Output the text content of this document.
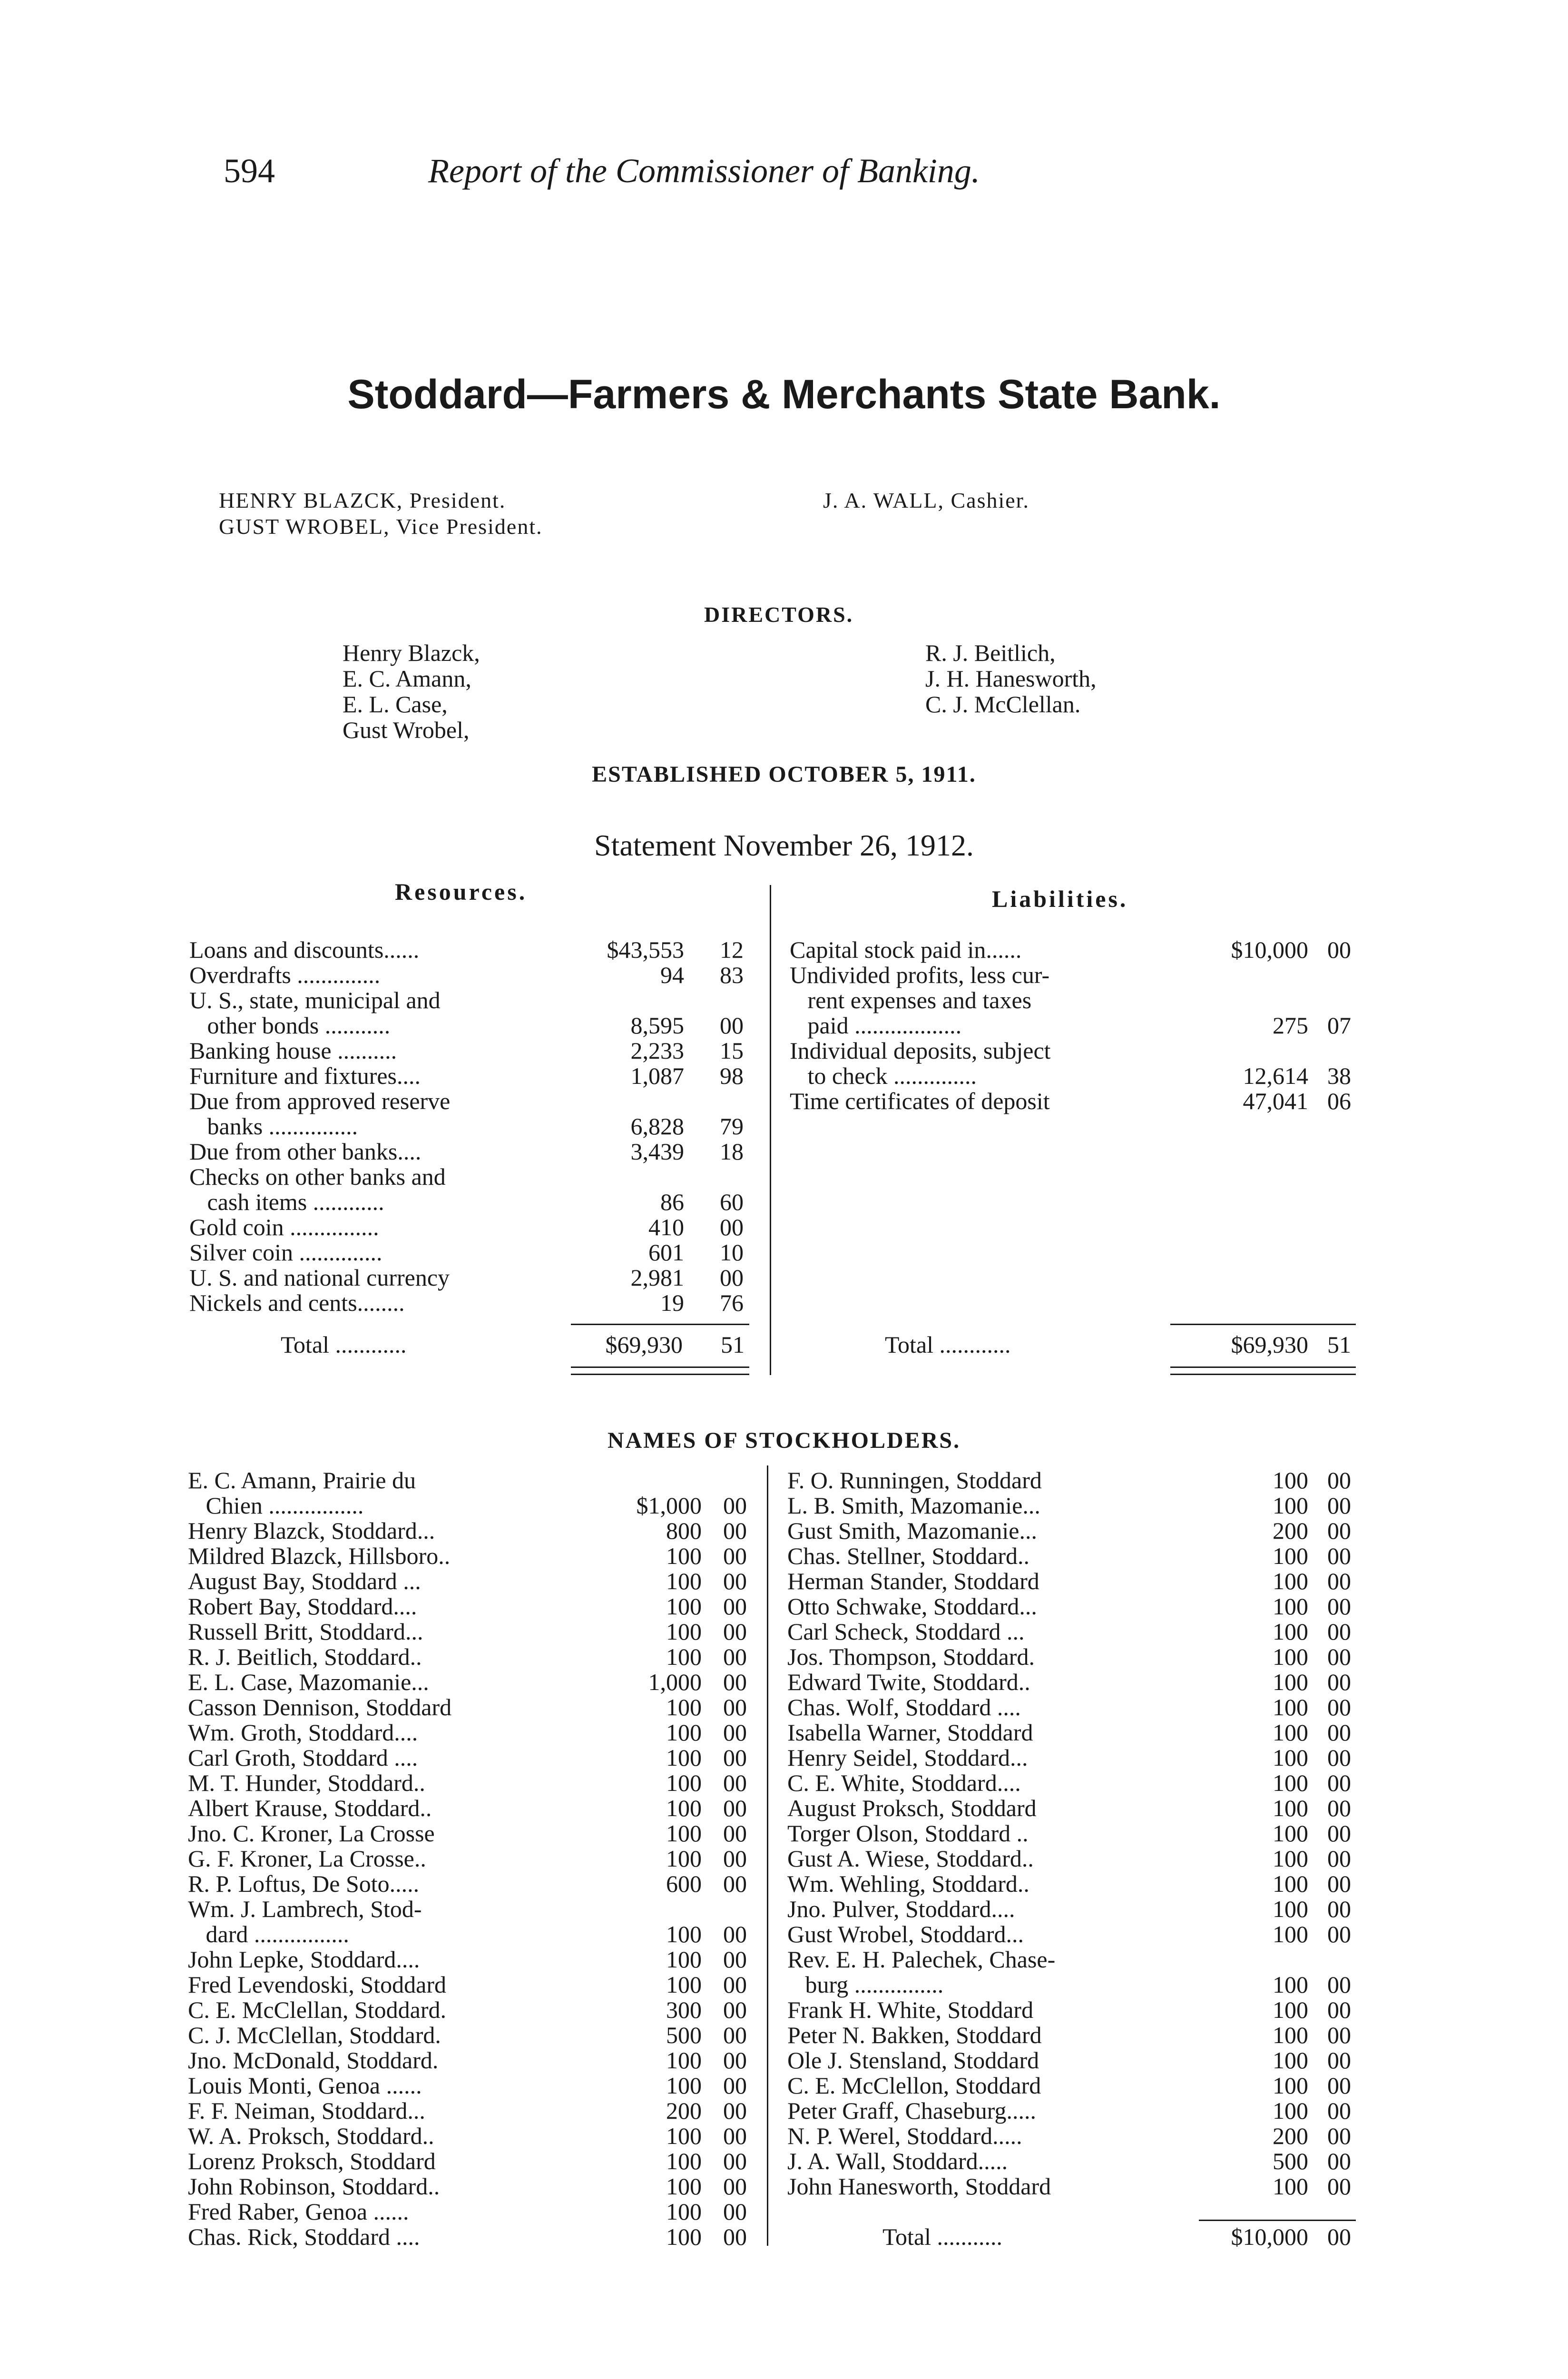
594	Report of the Commissioner of Banking.
Stoddard—Farmers & Merchants State Bank.
HENRY BLAZCK, President.
GUST WROBEL, Vice President.
J. A. WALL, Cashier.
DIRECTORS.
Henry Blazck,
E. C. Amann,
E. L. Case,
Gust Wrobel,
R. J. Beitlich,
J. H. Hanesworth,
C. J. McClellan.
ESTABLISHED OCTOBER 5, 1911.
Statement November 26, 1912.
Resources.	Liabilities.
Loans and discounts......	$43,553 12
Overdrafts ..............	94 83
U. S., state, municipal and
other bonds ...........	8,595 00
Banking house ..........	2,233 15
Furniture and fixtures....	1,087 98
Due from approved reserve
banks ...............	6,828 79
Due from other banks....	3,439 18
Checks on other banks and
cash items ............	86 60
Gold coin ...............	410 00
Silver coin ..............	601 10
U. S. and national currency	2,981 00
Nickels and cents........	19 76
Capital stock paid in......	$10,000 00
Undivided profits, less cur-
rent expenses and taxes
paid ..................	275 07
Individual deposits, subject
to check ..............	12,614 38
Time certificates of deposit	47,041 06
Total ............	$69,930 51	Total ............	$69,930 51
NAMES OF STOCKHOLDERS.
E. C. Amann, Prairie du
Chien ................	$1,000 00
Henry Blazck, Stoddard...	800 00
Mildred Blazck, Hillsboro..	100 00
August Bay, Stoddard ...	100 00
Robert Bay, Stoddard....	100 00
Russell Britt, Stoddard...	100 00
R. J. Beitlich, Stoddard..	100 00
E. L. Case, Mazomanie...	1,000 00
Casson Dennison, Stoddard	100 00
Wm. Groth, Stoddard....	100 00
Carl Groth, Stoddard ....	100 00
M. T. Hunder, Stoddard..	100 00
Albert Krause, Stoddard..	100 00
Jno. C. Kroner, La Crosse	100 00
G. F. Kroner, La Crosse..	100 00
R. P. Loftus, De Soto.....	600 00
Wm. J. Lambrech, Stod-
dard ................	100 00
John Lepke, Stoddard....	100 00
Fred Levendoski, Stoddard	100 00
C. E. McClellan, Stoddard.	300 00
C. J. McClellan, Stoddard.	500 00
Jno. McDonald, Stoddard.	100 00
Louis Monti, Genoa ......	100 00
F. F. Neiman, Stoddard...	200 00
W. A. Proksch, Stoddard..	100 00
Lorenz Proksch, Stoddard	100 00
John Robinson, Stoddard..	100 00
Fred Raber, Genoa ......	100 00
Chas. Rick, Stoddard ....	100 00
F. O. Runningen, Stoddard	100 00
L. B. Smith, Mazomanie...	100 00
Gust Smith, Mazomanie...	200 00
Chas. Stellner, Stoddard..	100 00
Herman Stander, Stoddard	100 00
Otto Schwake, Stoddard...	100 00
Carl Scheck, Stoddard ...	100 00
Jos. Thompson, Stoddard.	100 00
Edward Twite, Stoddard..	100 00
Chas. Wolf, Stoddard ....	100 00
Isabella Warner, Stoddard	100 00
Henry Seidel, Stoddard...	100 00
C. E. White, Stoddard....	100 00
August Proksch, Stoddard	100 00
Torger Olson, Stoddard ..	100 00
Gust A. Wiese, Stoddard..	100 00
Wm. Wehling, Stoddard..	100 00
Jno. Pulver, Stoddard....	100 00
Gust Wrobel, Stoddard...	100 00
Rev. E. H. Palechek, Chase-
burg ...............	100 00
Frank H. White, Stoddard	100 00
Peter N. Bakken, Stoddard	100 00
Ole J. Stensland, Stoddard	100 00
C. E. McClellon, Stoddard	100 00
Peter Graff, Chaseburg.....	100 00
N. P. Werel, Stoddard.....	200 00
J. A. Wall, Stoddard.....	500 00
John Hanesworth, Stoddard	100 00
Total ...........	$10,000 00
